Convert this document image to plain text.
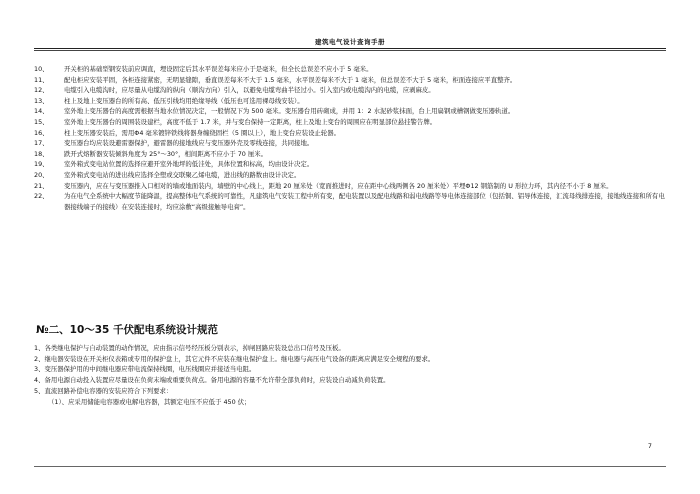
建筑电气设计查询手册
10、	开关柜的基础型钢安装前应调直，埋设固定后其水平误差每米应小于是毫米，但全长总误差不应小于 5 毫米。
11、	配电柜应安装平固，各柜连接紧密，无明显缝隙，垂直误差每米不大于 1.5 毫米，水平误差每米不大于 1 毫米，但总误差不大于 5 毫米，柜面连接应平直整齐。
12、	电缆引入电缆沟时，应尽量从电缆沟的纵向（顺沟方向）引入，以避免电缆弯曲半径过小。引入室内或电缆沟内的电缆，应剥麻皮。
13、	柱上及地上变压器台的所有高、低压引线均用绝缘导线（低压也可选用裸母线安装）。
14、	室外地上变压器台的高度需根据当地水位情况决定，一般情况下为 500 毫米。变压器台用砖砌成，并用 1：2 水泥砂浆抹面，台上用扁钢或槽钢做变压器轨道。
15、	室外地上变压器台的周围装设建栏，高度不低于 1.7 米，并与变台保持一定距离，柱上及地上变台的周围应在明显部位悬挂警告牌。
16、	柱上变压器安装后，需用Φ4 毫米镀锌铁线将器身缠绕固栏（5 圈以上），地上变台应装设止轮器。
17、	变压器台均应装设避雷器保护，避雷器的接地线应与变压器外壳及零线连接，共同接地。
18、	跌开式熔断器安装倾斜角度为 25°～30°，相间距离不应小于 70 厘米。
19、	室外箱式变电站位置的选择应避开室外地坪的低洼处，具体位置和标高，均由设计决定。
20、	室外箱式变电站的进出线应选择全塑或交联聚乙烯电缆，进出线的路数由设计决定。
21、	变压器内，应在与变压器推入口相对的墙或地面装内，墙壁的中心线上，距地 20 厘米处（宽面推进时，应在距中心线两侧各 20 厘米处）平埋Φ12 钢筋制的 U 形拉力环，其内径不小于 8 厘米。
22、	为在电气全系统中大幅度节能降温，提高整体电气系统的可靠性，凡建筑电气安装工程中所有变，配电装置以及配电线路和弱电线路等导电体连接部位（包括铜、铝导体连接，汇流母线排连接，接地线连接和所有电器接线端子的接线）在安装连接时，均应涂敷“高级接触导电膏”。
№二、10～35 千伏配电系统设计规范
1、各类继电保护与自动装置的动作情况，应由指示信号经压板分别表示，掉闸回路应装设总出口信号及压板。
2、继电器安装设在开关柜仪表箱或专用的保护盘上，其它元件不应装在继电保护盘上。继电器与高压电气设备的距离应满足安全规程的要求。
3、变压器保护用的中间继电器应带电流保持线圈，电压线圈应并接适当电阻。
4、备用电源自动投入装置应尽量设在负荷末端或重要负荷点。备用电源的容量不允许带全部负荷时，应装设自动减负荷装置。
5、直流回路补偿电容器的安装应符合下列要求：
（1）、应采用储能电容器或电解电容器，其额定电压不应低于 450 伏；
7
